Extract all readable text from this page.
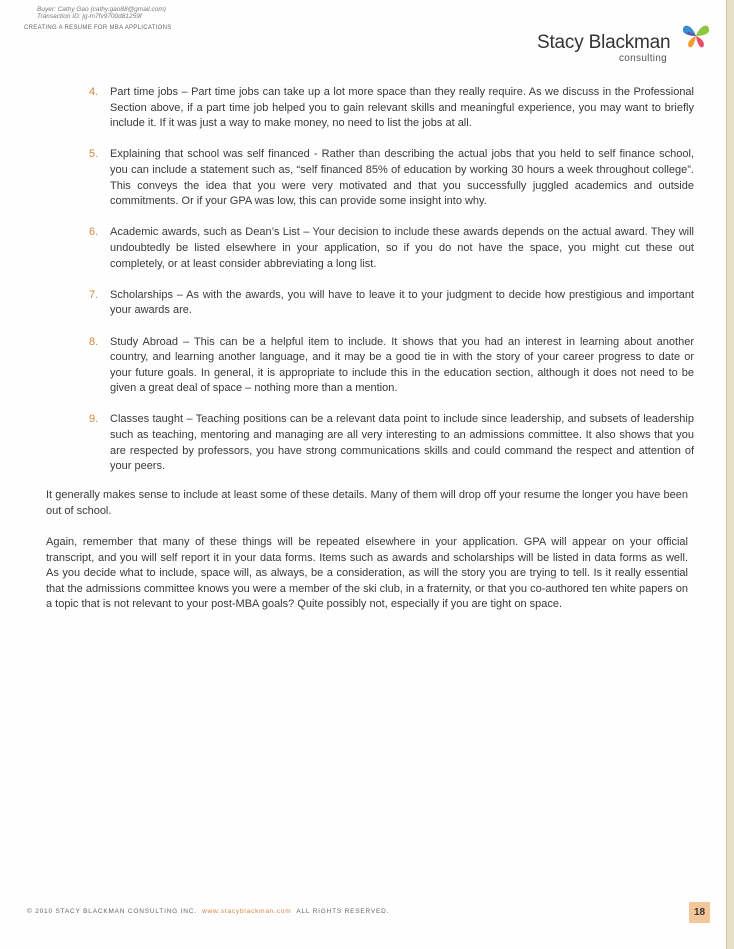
Buyer: Cathy Gao (cathy.gao88@gmail.com)
Transaction ID: jg-m7fv9700d81259f
CREATING A RESUME FOR MBA APPLICATIONS
Stacy Blackman
consulting
4. Part time jobs – Part time jobs can take up a lot more space than they really require. As we discuss in the Professional Section above, if a part time job helped you to gain relevant skills and meaningful experience, you may want to briefly include it. If it was just a way to make money, no need to list the jobs at all.
5. Explaining that school was self financed - Rather than describing the actual jobs that you held to self finance school, you can include a statement such as, “self financed 85% of education by working 30 hours a week throughout college”. This conveys the idea that you were very motivated and that you successfully juggled academics and outside commitments. Or if your GPA was low, this can provide some insight into why.
6. Academic awards, such as Dean’s List – Your decision to include these awards depends on the actual award. They will undoubtedly be listed elsewhere in your application, so if you do not have the space, you might cut these out completely, or at least consider abbreviating a long list.
7. Scholarships – As with the awards, you will have to leave it to your judgment to decide how prestigious and important your awards are.
8. Study Abroad – This can be a helpful item to include. It shows that you had an interest in learning about another country, and learning another language, and it may be a good tie in with the story of your career progress to date or your future goals. In general, it is appropriate to include this in the education section, although it does not need to be given a great deal of space – nothing more than a mention.
9. Classes taught – Teaching positions can be a relevant data point to include since leadership, and subsets of leadership such as teaching, mentoring and managing are all very interesting to an admissions committee. It also shows that you are respected by professors, you have strong communications skills and could command the respect and attention of your peers.

It generally makes sense to include at least some of these details. Many of them will drop off your resume the longer you have been out of school.

Again, remember that many of these things will be repeated elsewhere in your application. GPA will appear on your official transcript, and you will self report it in your data forms. Items such as awards and scholarships will be listed in data forms as well. As you decide what to include, space will, as always, be a consideration, as will the story you are trying to tell. Is it really essential that the admissions committee knows you were a member of the ski club, in a fraternity, or that you co-authored ten white papers on a topic that is not relevant to your post-MBA goals? Quite possibly not, especially if you are tight on space.

© 2010 STACY BLACKMAN CONSULTING INC. www.stacyblackman.com ALL RIGHTS RESERVED.	18
